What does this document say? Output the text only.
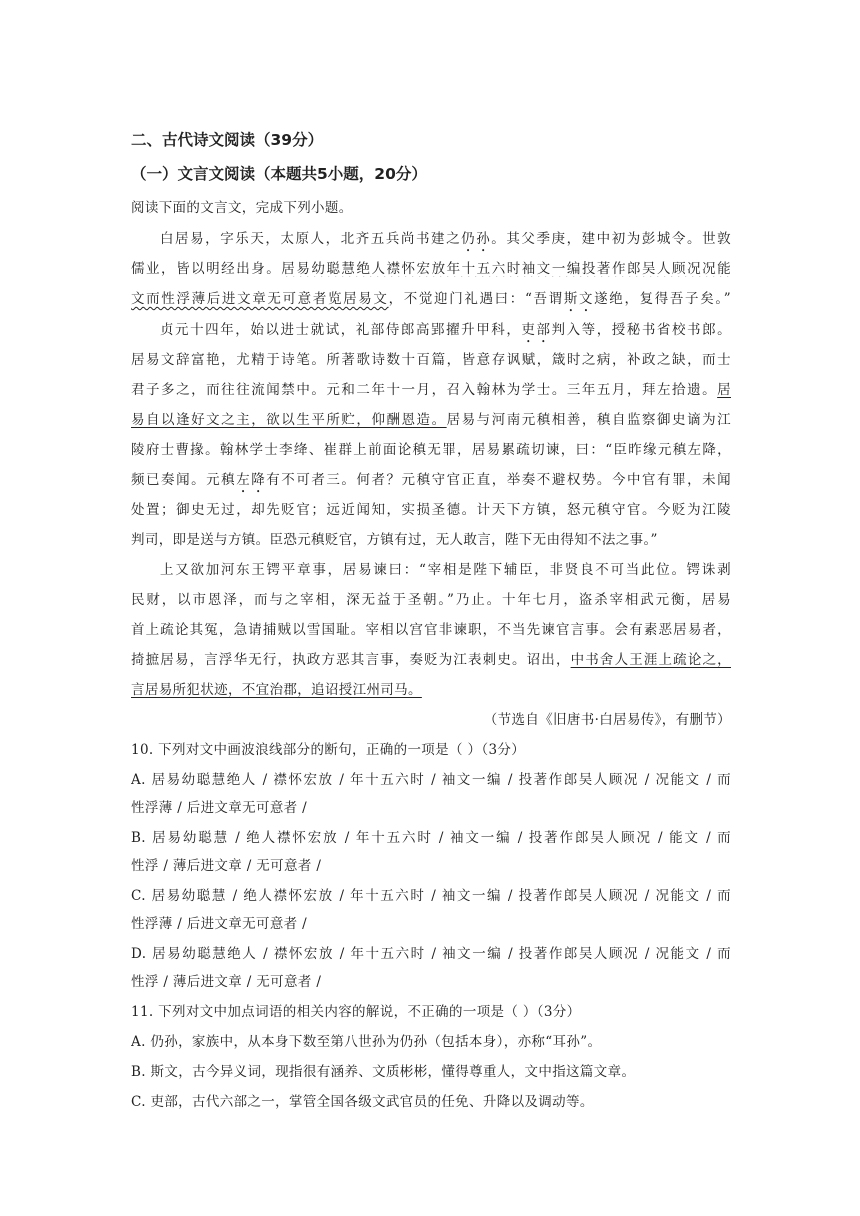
二、古代诗文阅读（39分）
（一）文言文阅读（本题共5小题，20分）
阅读下面的文言文，完成下列小题。
白居易，字乐天，太原人，北齐五兵尚书建之仍孙。其父季庚，建中初为彭城令。世敦
儒业，皆以明经出身。居易幼聪慧绝人襟怀宏放年十五六时袖文一编投著作郎吴人顾况况能
文而性浮薄后进文章无可意者览居易文，不觉迎门礼遇曰：“吾谓斯文遂绝，复得吾子矣。”
贞元十四年，始以进士就试，礼部侍郎高郢擢升甲科，吏部判入等，授秘书省校书郎。
居易文辞富艳，尤精于诗笔。所著歌诗数十百篇，皆意存讽赋，箴时之病，补政之缺，而士
君子多之，而往往流闻禁中。元和二年十一月，召入翰林为学士。三年五月，拜左拾遗。居
易自以逢好文之主，欲以生平所贮，仰酬恩造。居易与河南元稹相善，稹自监察御史谪为江
陵府士曹掾。翰林学士李绛、崔群上前面论稹无罪，居易累疏切谏，曰：“臣昨缘元稹左降，
频已奏闻。元稹左降有不可者三。何者？元稹守官正直，举奏不避权势。今中官有罪，未闻
处置；御史无过，却先贬官；远近闻知，实损圣德。计天下方镇，怒元稹守官。今贬为江陵
判司，即是送与方镇。臣恐元稹贬官，方镇有过，无人敢言，陛下无由得知不法之事。”
上又欲加河东王锷平章事，居易谏曰：“宰相是陛下辅臣，非贤良不可当此位。锷诛剥
民财，以市恩泽，而与之宰相，深无益于圣朝。”乃止。十年七月，盗杀宰相武元衡，居易
首上疏论其冤，急请捕贼以雪国耻。宰相以宫官非谏职，不当先谏官言事。会有素恶居易者，
掎摭居易，言浮华无行，执政方恶其言事，奏贬为江表刺史。诏出，中书舍人王涯上疏论之，
言居易所犯状迹，不宜治郡，追诏授江州司马。
（节选自《旧唐书·白居易传》，有删节）
10. 下列对文中画波浪线部分的断句，正确的一项是（ ）（3分）
A. 居易幼聪慧绝人 / 襟怀宏放 / 年十五六时 / 袖文一编 / 投著作郎吴人顾况 / 况能文 / 而
性浮薄 / 后进文章无可意者 /
B. 居易幼聪慧 / 绝人襟怀宏放 / 年十五六时 / 袖文一编 / 投著作郎吴人顾况 / 能文 / 而
性浮 / 薄后进文章 / 无可意者 /
C. 居易幼聪慧 / 绝人襟怀宏放 / 年十五六时 / 袖文一编 / 投著作郎吴人顾况 / 况能文 / 而
性浮薄 / 后进文章无可意者 /
D. 居易幼聪慧绝人 / 襟怀宏放 / 年十五六时 / 袖文一编 / 投著作郎吴人顾况 / 况能文 / 而
性浮 / 薄后进文章 / 无可意者 /
11. 下列对文中加点词语的相关内容的解说，不正确的一项是（ ）（3分）
A. 仍孙，家族中，从本身下数至第八世孙为仍孙（包括本身），亦称“耳孙”。
B. 斯文，古今异义词，现指很有涵养、文质彬彬，懂得尊重人，文中指这篇文章。
C. 吏部，古代六部之一，掌管全国各级文武官员的任免、升降以及调动等。
